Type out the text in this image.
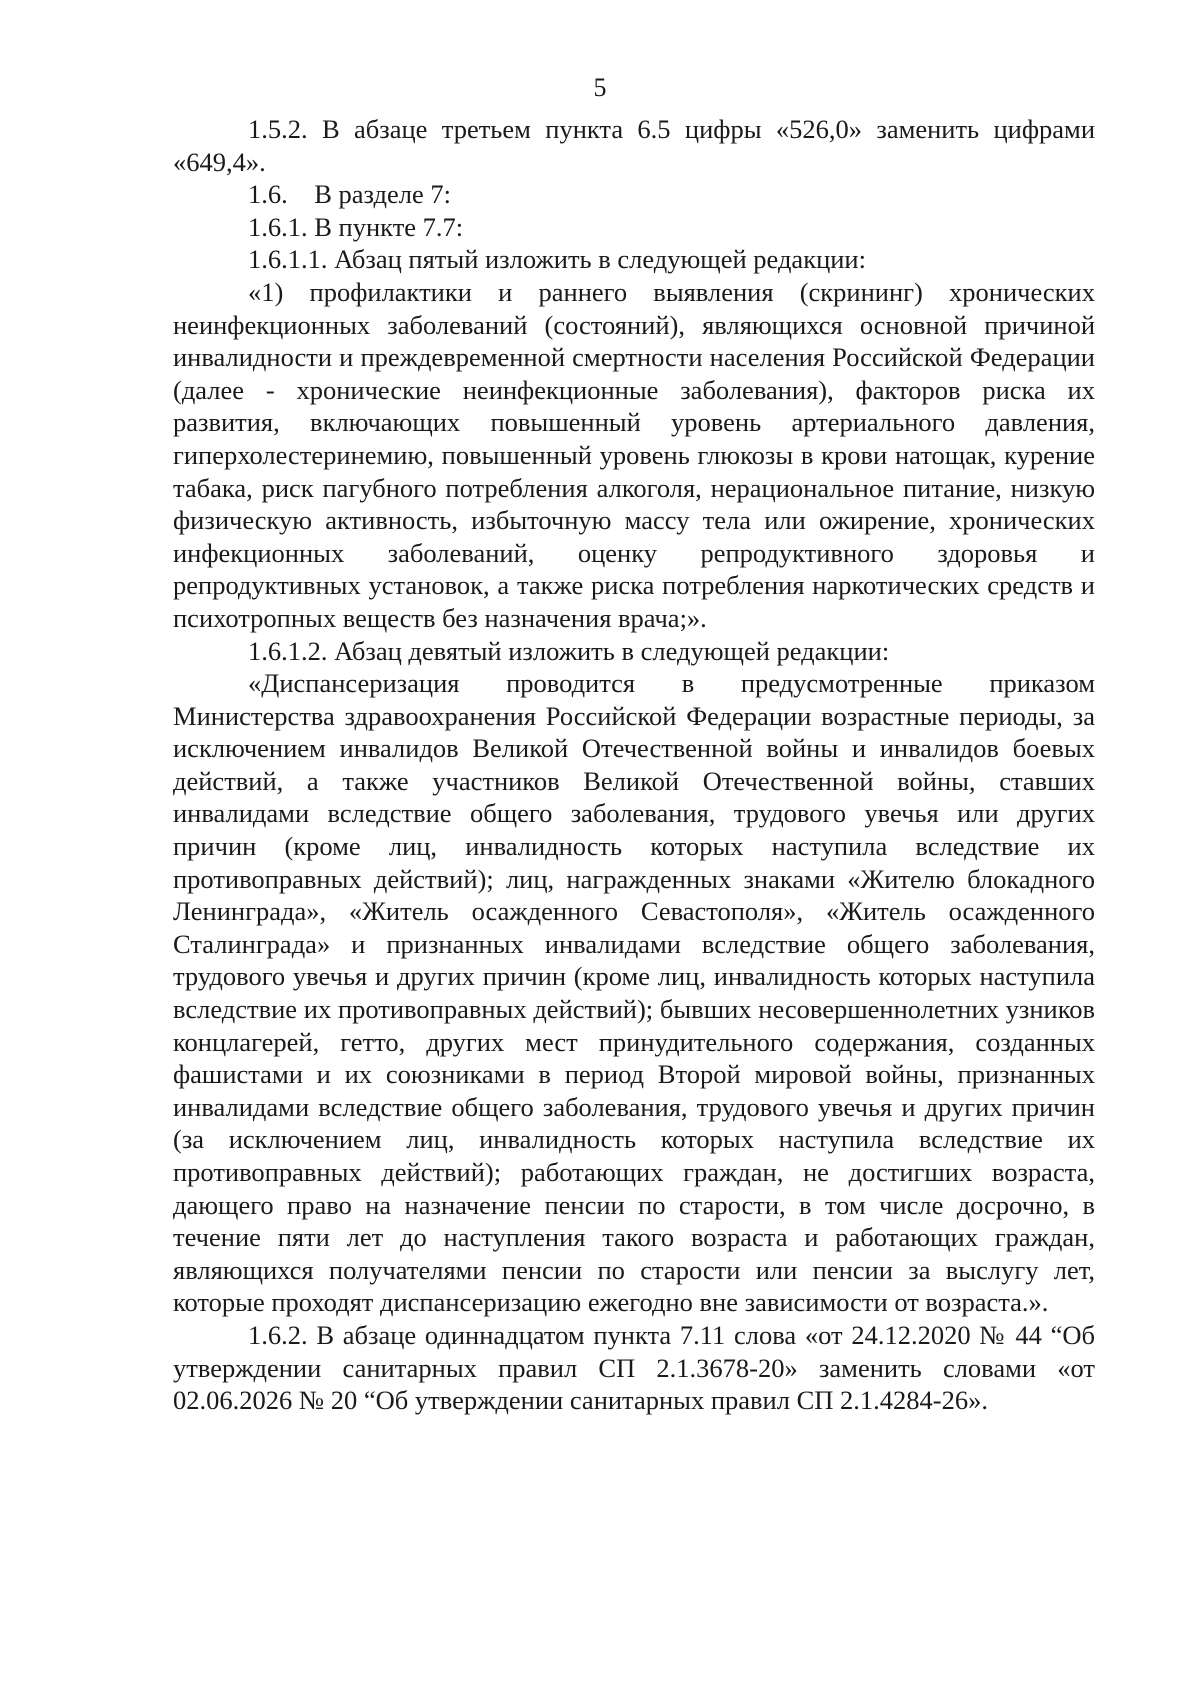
5

1.5.2. В абзаце третьем пункта 6.5 цифры «526,0» заменить цифрами «649,4».

1.6.    В разделе 7:

1.6.1. В пункте 7.7:

1.6.1.1. Абзац пятый изложить в следующей редакции:

«1) профилактики и раннего выявления (скрининг) хронических неинфекционных заболеваний (состояний), являющихся основной причиной инвалидности и преждевременной смертности населения Российской Федерации (далее - хронические неинфекционные заболевания), факторов риска их развития, включающих повышенный уровень артериального давления, гиперхолестеринемию, повышенный уровень глюкозы в крови натощак, курение табака, риск пагубного потребления алкоголя, нерациональное питание, низкую физическую активность, избыточную массу тела или ожирение, хронических инфекционных заболеваний, оценку репродуктивного здоровья и репродуктивных установок, а также риска потребления наркотических средств и психотропных веществ без назначения врача;».

1.6.1.2. Абзац девятый изложить в следующей редакции:

«Диспансеризация проводится в предусмотренные приказом Министерства здравоохранения Российской Федерации возрастные периоды, за исключением инвалидов Великой Отечественной войны и инвалидов боевых действий, а также участников Великой Отечественной войны, ставших инвалидами вследствие общего заболевания, трудового увечья или других причин (кроме лиц, инвалидность которых наступила вследствие их противоправных действий); лиц, награжденных знаками «Жителю блокадного Ленинграда», «Житель осажденного Севастополя», «Житель осажденного Сталинграда» и признанных инвалидами вследствие общего заболевания, трудового увечья и других причин (кроме лиц, инвалидность которых наступила вследствие их противоправных действий); бывших несовершеннолетних узников концлагерей, гетто, других мест принудительного содержания, созданных фашистами и их союзниками в период Второй мировой войны, признанных инвалидами вследствие общего заболевания, трудового увечья и других причин (за исключением лиц, инвалидность которых наступила вследствие их противоправных действий); работающих граждан, не достигших возраста, дающего право на назначение пенсии по старости, в том числе досрочно, в течение пяти лет до наступления такого возраста и работающих граждан, являющихся получателями пенсии по старости или пенсии за выслугу лет, которые проходят диспансеризацию ежегодно вне зависимости от возраста.».

1.6.2. В абзаце одиннадцатом пункта 7.11 слова «от 24.12.2020 № 44 “Об утверждении санитарных правил СП 2.1.3678-20» заменить словами «от 02.06.2026 № 20 “Об утверждении санитарных правил СП 2.1.4284-26».
